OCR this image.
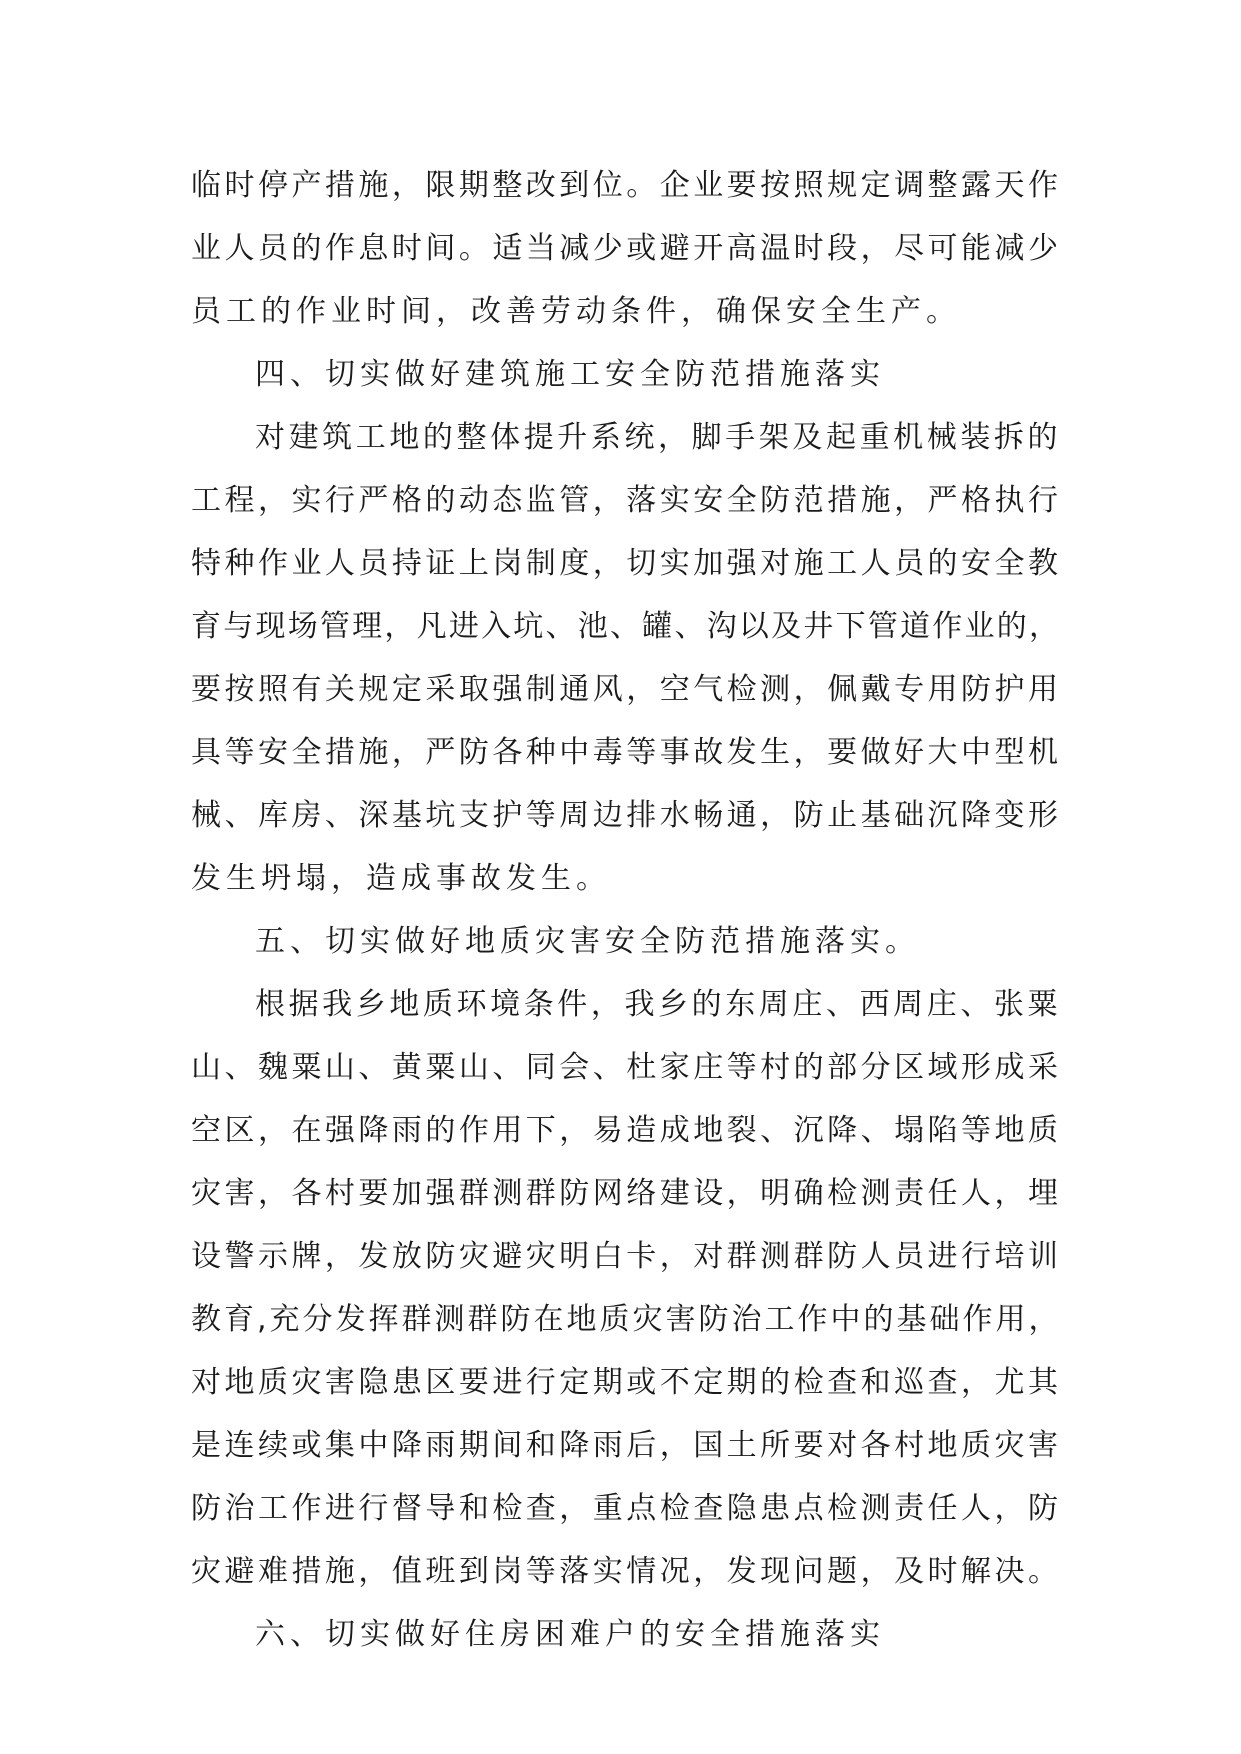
临时停产措施，限期整改到位。企业要按照规定调整露天作
业人员的作息时间。适当减少或避开高温时段，尽可能减少
员工的作业时间，改善劳动条件，确保安全生产。
四、切实做好建筑施工安全防范措施落实
对建筑工地的整体提升系统，脚手架及起重机械装拆的
工程，实行严格的动态监管，落实安全防范措施，严格执行
特种作业人员持证上岗制度，切实加强对施工人员的安全教
育与现场管理，凡进入坑、池、罐、沟以及井下管道作业的，
要按照有关规定采取强制通风，空气检测，佩戴专用防护用
具等安全措施，严防各种中毒等事故发生，要做好大中型机
械、库房、深基坑支护等周边排水畅通，防止基础沉降变形
发生坍塌，造成事故发生。
五、切实做好地质灾害安全防范措施落实。
根据我乡地质环境条件，我乡的东周庄、西周庄、张粟
山、魏粟山、黄粟山、同会、杜家庄等村的部分区域形成采
空区，在强降雨的作用下，易造成地裂、沉降、塌陷等地质
灾害，各村要加强群测群防网络建设，明确检测责任人，埋
设警示牌，发放防灾避灾明白卡，对群测群防人员进行培训
教育,充分发挥群测群防在地质灾害防治工作中的基础作用，
对地质灾害隐患区要进行定期或不定期的检查和巡查，尤其
是连续或集中降雨期间和降雨后，国土所要对各村地质灾害
防治工作进行督导和检查，重点检查隐患点检测责任人，防
灾避难措施，值班到岗等落实情况，发现问题，及时解决。
六、切实做好住房困难户的安全措施落实
